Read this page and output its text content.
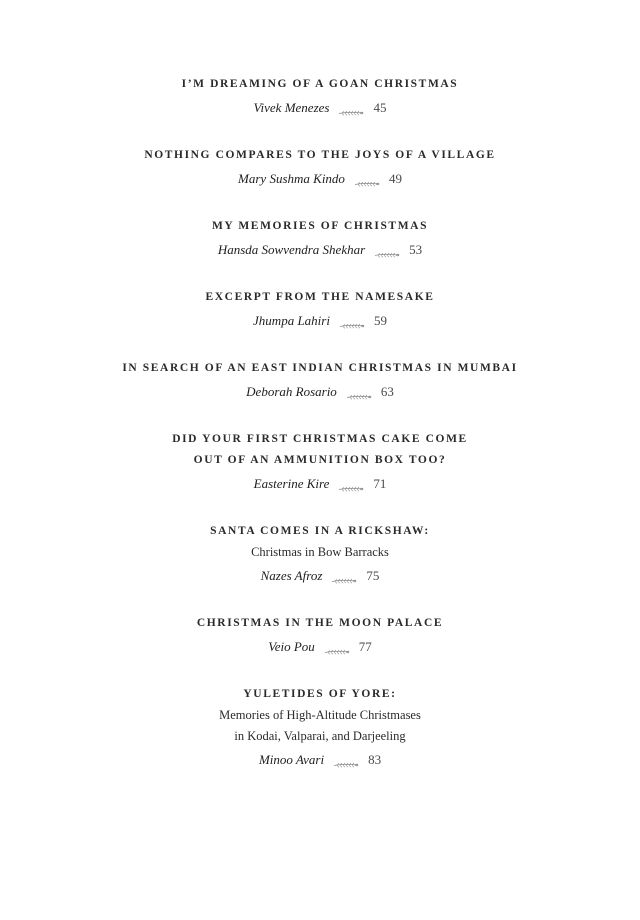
I’M DREAMING OF A GOAN CHRISTMAS
Vivek Menezes	45
NOTHING COMPARES TO THE JOYS OF A VILLAGE
Mary Sushma Kindo	49
MY MEMORIES OF CHRISTMAS
Hansda Sowvendra Shekhar	53
EXCERPT FROM THE NAMESAKE
Jhumpa Lahiri	59
IN SEARCH OF AN EAST INDIAN CHRISTMAS IN MUMBAI
Deborah Rosario	63
DID YOUR FIRST CHRISTMAS CAKE COME
OUT OF AN AMMUNITION BOX TOO?
Easterine Kire	71
SANTA COMES IN A RICKSHAW:
Christmas in Bow Barracks
Nazes Afroz	75
CHRISTMAS IN THE MOON PALACE
Veio Pou	77
YULETIDES OF YORE:
Memories of High-Altitude Christmases
in Kodai, Valparai, and Darjeeling
Minoo Avari	83
